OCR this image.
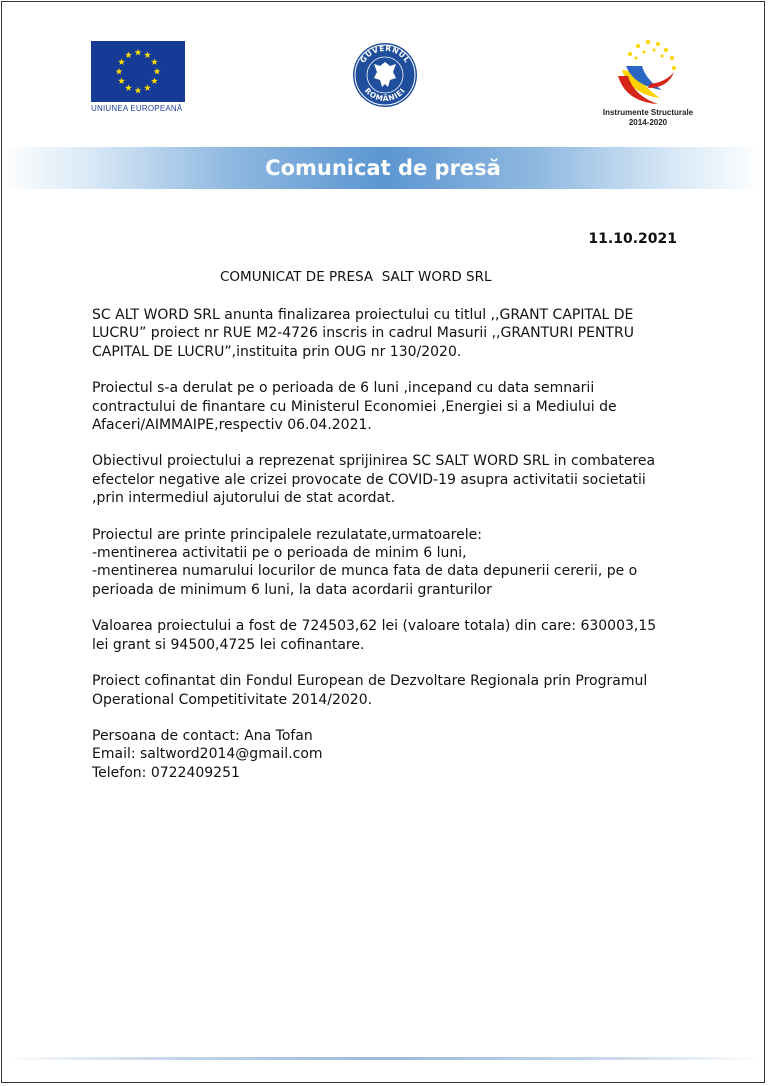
UNIUNEA EUROPEANĂ
GUVERNUL
ROMÂNIEI
Instrumente Structurale
2014-2020
Comunicat de presă
11.10.2021
COMUNICAT DE PRESA  SALT WORD SRL

SC ALT WORD SRL anunta finalizarea proiectului cu titlul ,,GRANT CAPITAL DE
LUCRU” proiect nr RUE M2-4726 inscris in cadrul Masurii ,,GRANTURI PENTRU
CAPITAL DE LUCRU”,instituita prin OUG nr 130/2020.

Proiectul s-a derulat pe o perioada de 6 luni ,incepand cu data semnarii
contractului de finantare cu Ministerul Economiei ,Energiei si a Mediului de
Afaceri/AIMMAIPE,respectiv 06.04.2021.

Obiectivul proiectului a reprezenat sprijinirea SC SALT WORD SRL in combaterea
efectelor negative ale crizei provocate de COVID-19 asupra activitatii societatii
,prin intermediul ajutorului de stat acordat.

Proiectul are printe principalele rezulatate,urmatoarele:
-mentinerea activitatii pe o perioada de minim 6 luni,
-mentinerea numarului locurilor de munca fata de data depunerii cererii, pe o
perioada de minimum 6 luni, la data acordarii granturilor

Valoarea proiectului a fost de 724503,62 lei (valoare totala) din care: 630003,15
lei grant si 94500,4725 lei cofinantare.

Proiect cofinantat din Fondul European de Dezvoltare Regionala prin Programul
Operational Competitivitate 2014/2020.

Persoana de contact: Ana Tofan
Email: saltword2014@gmail.com
Telefon: 0722409251
